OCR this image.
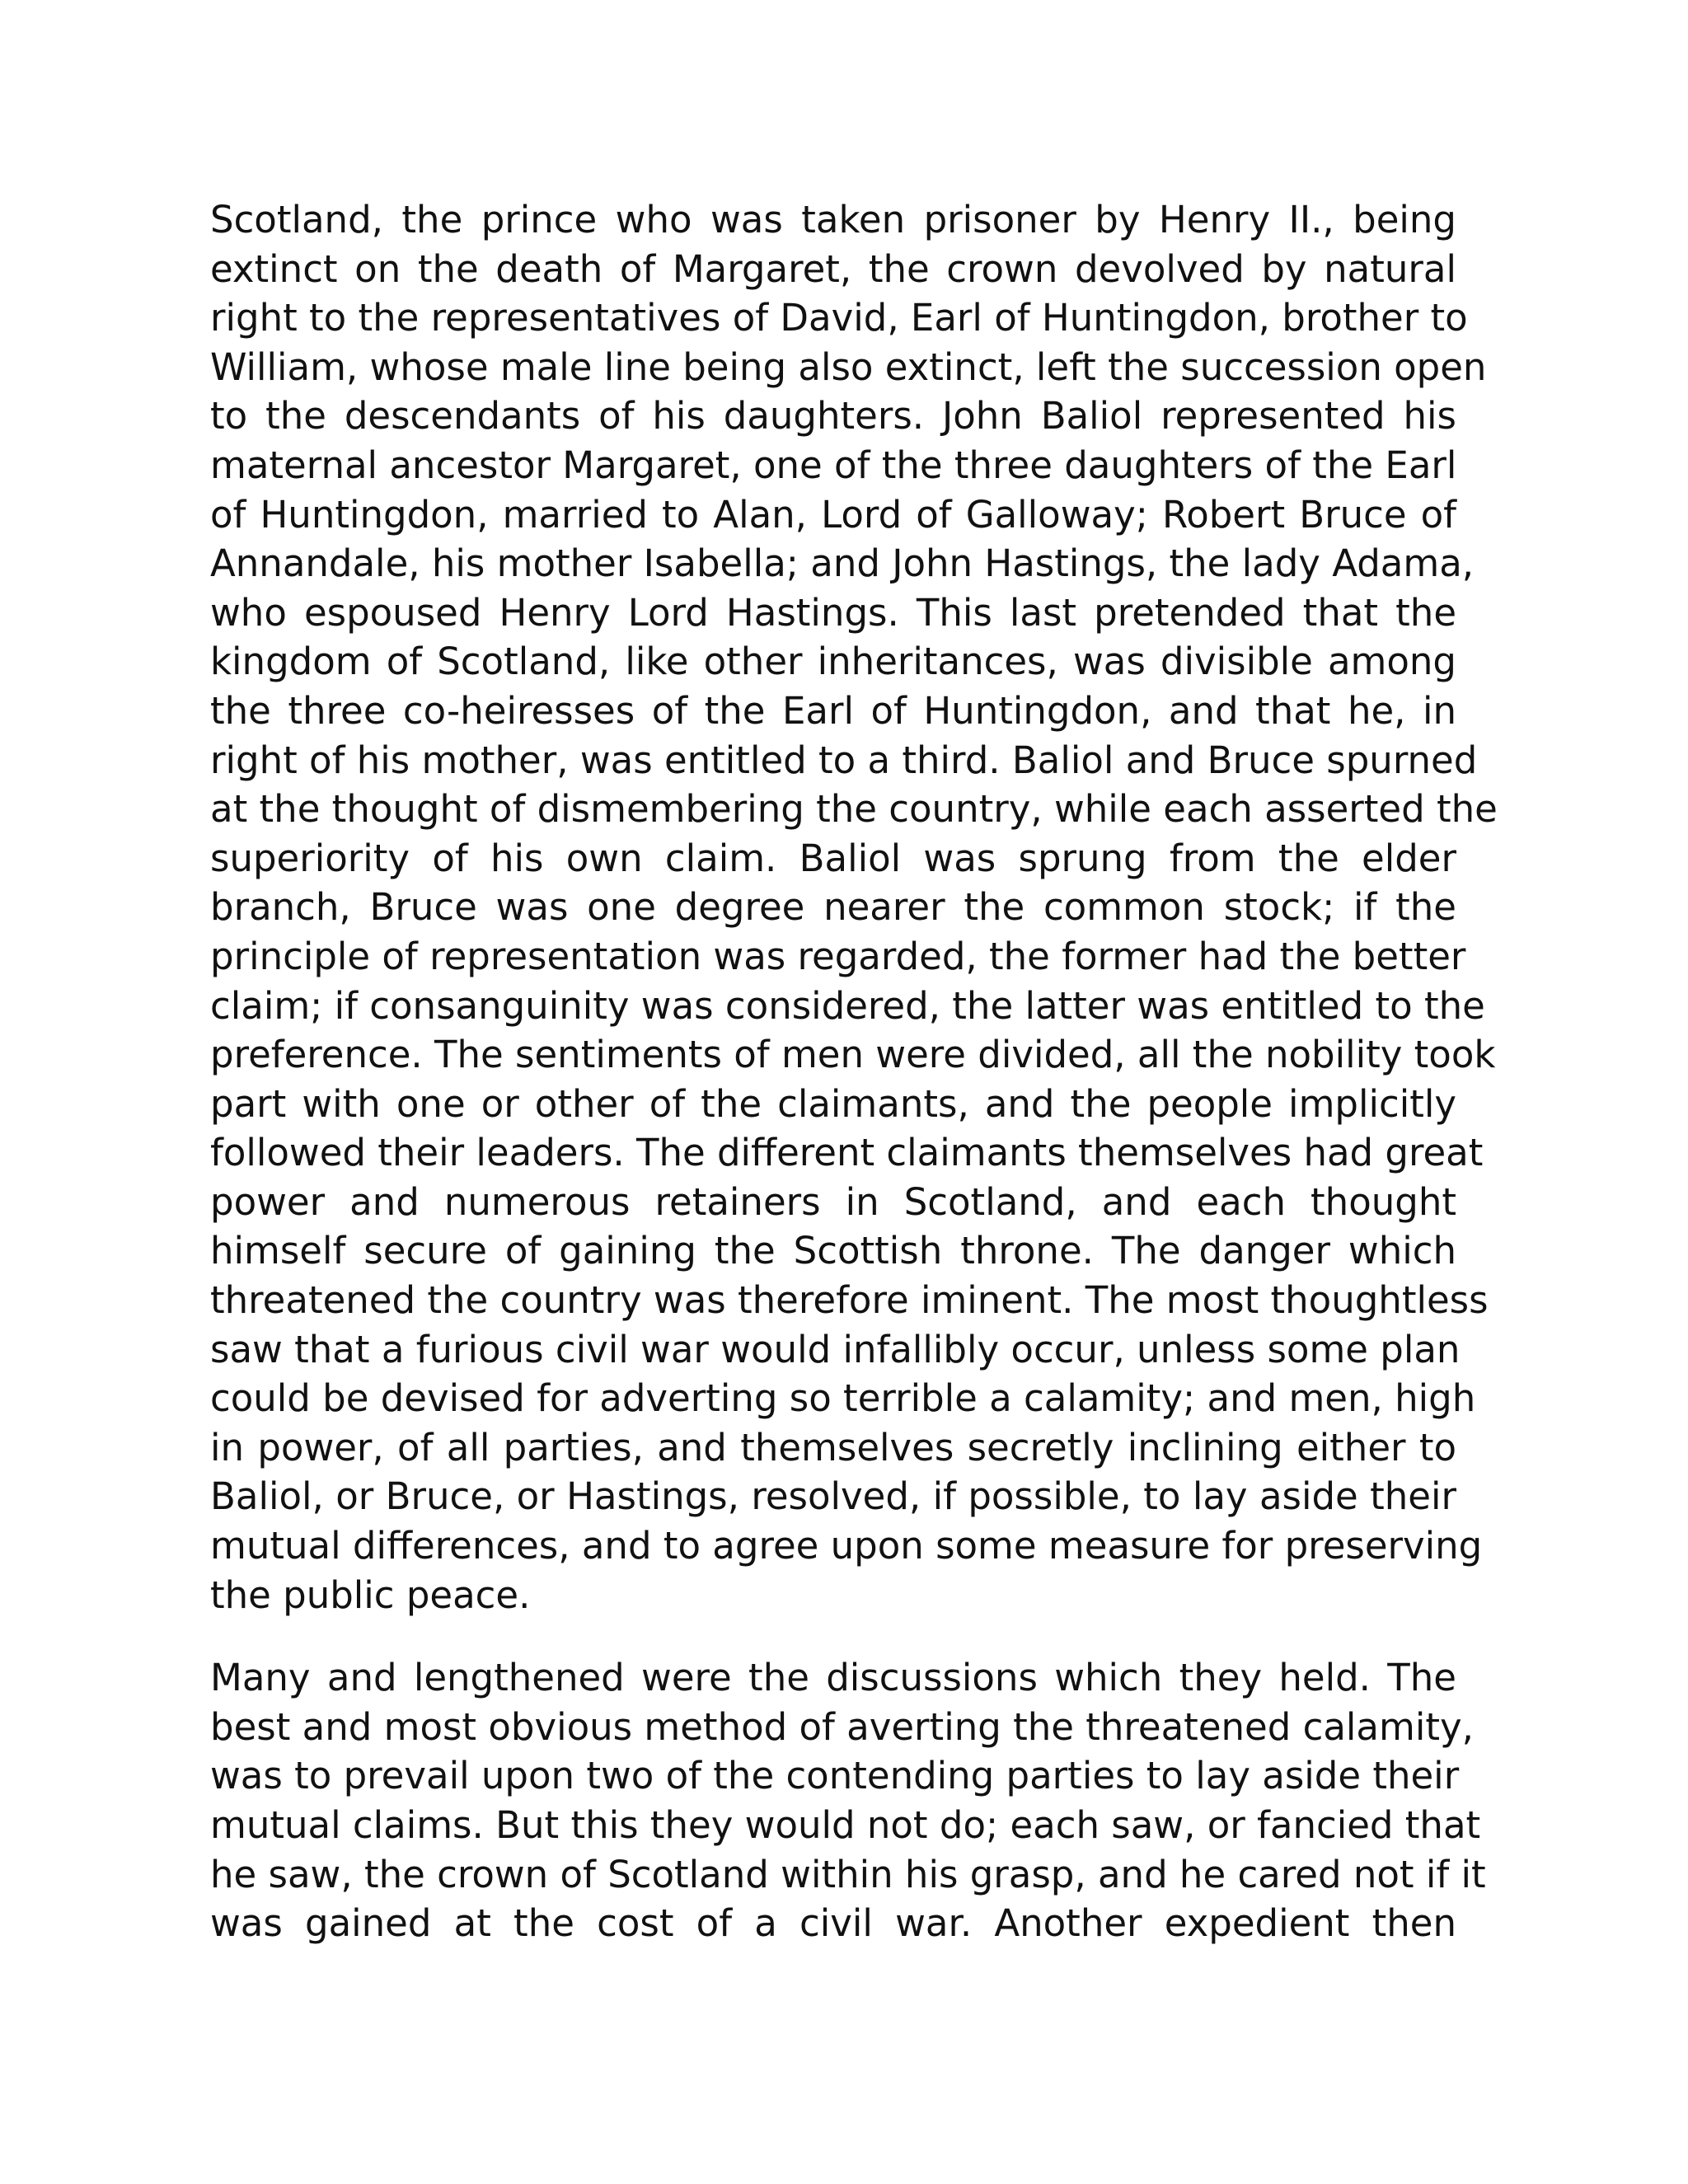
Scotland, the prince who was taken prisoner by Henry II., being
extinct on the death of Margaret, the crown devolved by natural
right to the representatives of David, Earl of Huntingdon, brother to
William, whose male line being also extinct, left the succession open
to the descendants of his daughters. John Baliol represented his
maternal ancestor Margaret, one of the three daughters of the Earl
of Huntingdon, married to Alan, Lord of Galloway; Robert Bruce of
Annandale, his mother Isabella; and John Hastings, the lady Adama,
who espoused Henry Lord Hastings. This last pretended that the
kingdom of Scotland, like other inheritances, was divisible among
the three co-heiresses of the Earl of Huntingdon, and that he, in
right of his mother, was entitled to a third. Baliol and Bruce spurned
at the thought of dismembering the country, while each asserted the
superiority of his own claim. Baliol was sprung from the elder
branch, Bruce was one degree nearer the common stock; if the
principle of representation was regarded, the former had the better
claim; if consanguinity was considered, the latter was entitled to the
preference. The sentiments of men were divided, all the nobility took
part with one or other of the claimants, and the people implicitly
followed their leaders. The different claimants themselves had great
power and numerous retainers in Scotland, and each thought
himself secure of gaining the Scottish throne. The danger which
threatened the country was therefore iminent. The most thoughtless
saw that a furious civil war would infallibly occur, unless some plan
could be devised for adverting so terrible a calamity; and men, high
in power, of all parties, and themselves secretly inclining either to
Baliol, or Bruce, or Hastings, resolved, if possible, to lay aside their
mutual differences, and to agree upon some measure for preserving
the public peace.

Many and lengthened were the discussions which they held. The
best and most obvious method of averting the threatened calamity,
was to prevail upon two of the contending parties to lay aside their
mutual claims. But this they would not do; each saw, or fancied that
he saw, the crown of Scotland within his grasp, and he cared not if it
was gained at the cost of a civil war. Another expedient then
